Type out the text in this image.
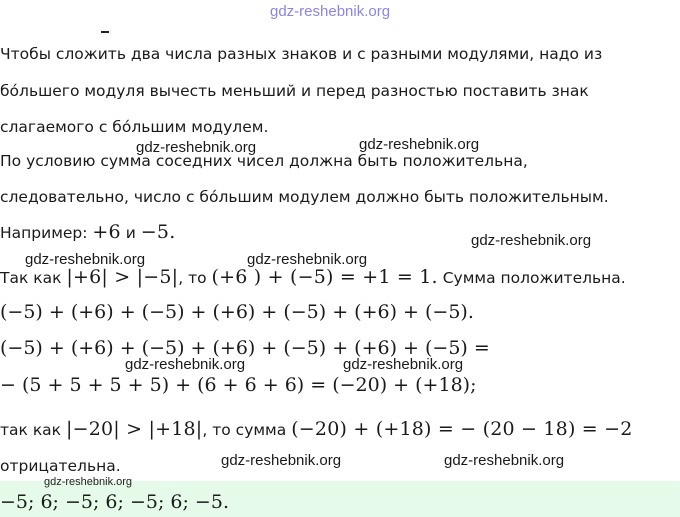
gdz-reshebnik.org
Чтобы сложить два числа разных знаков и с разными модулями, надо из
бóльшего модуля вычесть меньший и перед разностью поставить знак
слагаемого с бóльшим модулем.
По условию сумма соседних чисел должна быть положительна,
следовательно, число с бóльшим модулем должно быть положительным.
Например: +6 и −5.
Так как |+6| > |−5|, то (+6 ) + (−5) = +1 = 1. Сумма положительна.
(−5) + (+6) + (−5) + (+6) + (−5) + (+6) + (−5).
(−5) + (+6) + (−5) + (+6) + (−5) + (+6) + (−5) =
− (5 + 5 + 5 + 5) + (6 + 6 + 6) = (−20) + (+18);
так как |−20| > |+18|, то сумма (−20) + (+18) = − (20 − 18) = −2
отрицательна.
−5; 6; −5; 6; −5; 6; −5.
gdz-reshebnik.org
gdz-reshebnik.org
gdz-reshebnik.org
gdz-reshebnik.org	gdz-reshebnik.org
gdz-reshebnik.org	gdz-reshebnik.org
gdz-reshebnik.org	gdz-reshebnik.org
gdz-reshebnik.org
